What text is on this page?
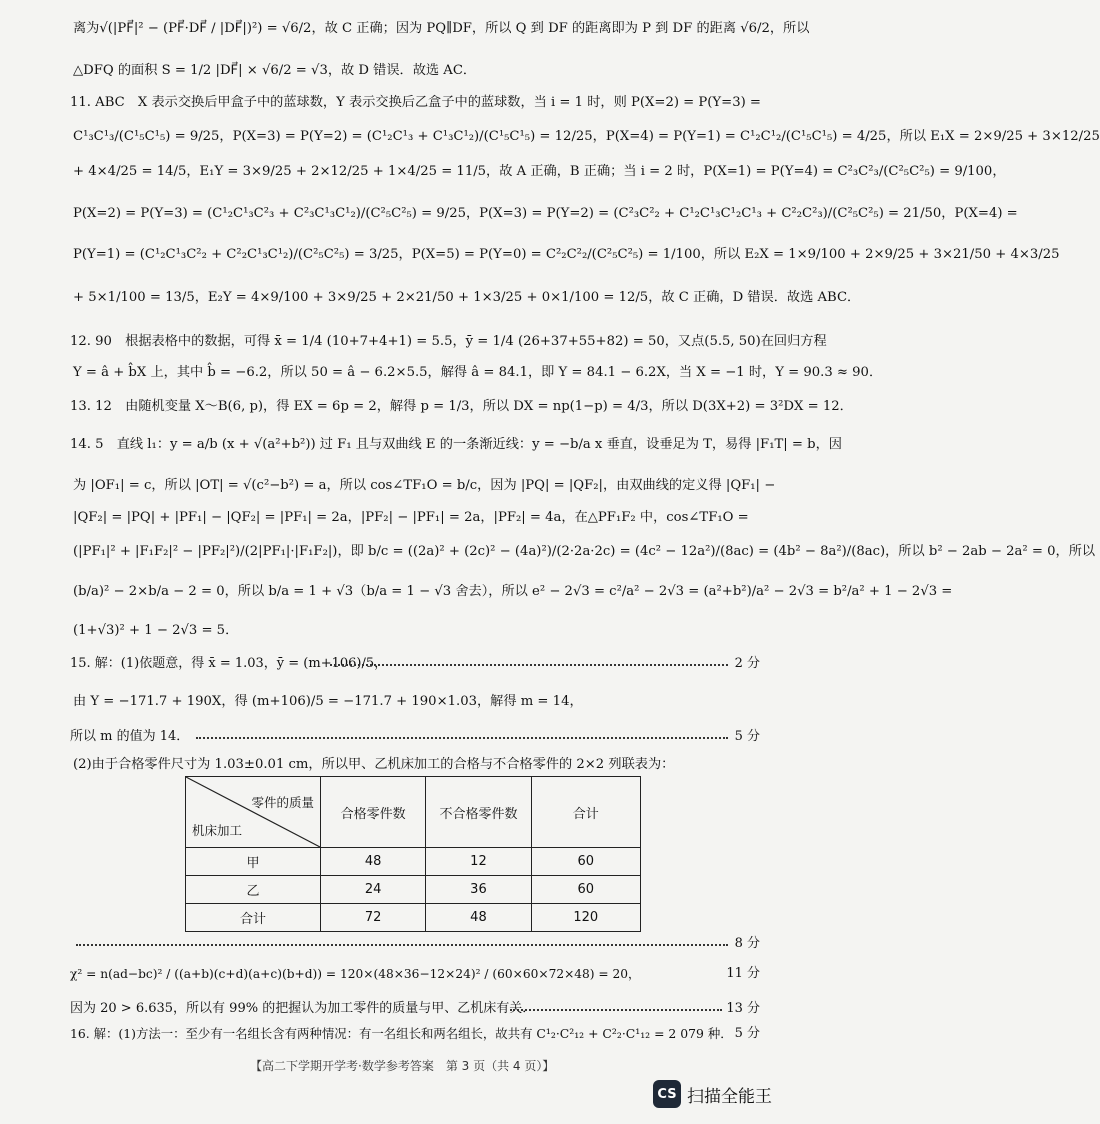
离为√(|PF⃗|² − (PF⃗·DF⃗ / |DF⃗|)²) = √6/2，故 C 正确；因为 PQ∥DF，所以 Q 到 DF 的距离即为 P 到 DF 的距离 √6/2，所以
△DFQ 的面积 S = 1/2 |DF⃗| × √6/2 = √3，故 D 错误．故选 AC．
11. ABC　X 表示交换后甲盒子中的蓝球数，Y 表示交换后乙盒子中的蓝球数，当 i = 1 时，则 P(X=2) = P(Y=3) =
C¹₃C¹₃/(C¹₅C¹₅) = 9/25，P(X=3) = P(Y=2) = (C¹₂C¹₃ + C¹₃C¹₂)/(C¹₅C¹₅) = 12/25，P(X=4) = P(Y=1) = C¹₂C¹₂/(C¹₅C¹₅) = 4/25，所以 E₁X = 2×9/25 + 3×12/25
+ 4×4/25 = 14/5，E₁Y = 3×9/25 + 2×12/25 + 1×4/25 = 11/5，故 A 正确，B 正确；当 i = 2 时，P(X=1) = P(Y=4) = C²₃C²₃/(C²₅C²₅) = 9/100，
P(X=2) = P(Y=3) = (C¹₂C¹₃C²₃ + C²₃C¹₃C¹₂)/(C²₅C²₅) = 9/25，P(X=3) = P(Y=2) = (C²₃C²₂ + C¹₂C¹₃C¹₂C¹₃ + C²₂C²₃)/(C²₅C²₅) = 21/50，P(X=4) =
P(Y=1) = (C¹₂C¹₃C²₂ + C²₂C¹₃C¹₂)/(C²₅C²₅) = 3/25，P(X=5) = P(Y=0) = C²₂C²₂/(C²₅C²₅) = 1/100，所以 E₂X = 1×9/100 + 2×9/25 + 3×21/50 + 4×3/25
+ 5×1/100 = 13/5，E₂Y = 4×9/100 + 3×9/25 + 2×21/50 + 1×3/25 + 0×1/100 = 12/5，故 C 正确，D 错误．故选 ABC．
12. 90　根据表格中的数据，可得 x̄ = 1/4 (10+7+4+1) = 5.5，ȳ = 1/4 (26+37+55+82) = 50，又点(5.5, 50)在回归方程
Y = â + b̂X 上，其中 b̂ = −6.2，所以 50 = â − 6.2×5.5，解得 â = 84.1，即 Y = 84.1 − 6.2X，当 X = −1 时，Y = 90.3 ≈ 90．
13. 12　由随机变量 X～B(6, p)，得 EX = 6p = 2，解得 p = 1/3，所以 DX = np(1−p) = 4/3，所以 D(3X+2) = 3²DX = 12．
14. 5　直线 l₁：y = a/b (x + √(a²+b²)) 过 F₁ 且与双曲线 E 的一条渐近线：y = −b/a x 垂直，设垂足为 T，易得 |F₁T| = b，因
为 |OF₁| = c，所以 |OT| = √(c²−b²) = a，所以 cos∠TF₁O = b/c，因为 |PQ| = |QF₂|，由双曲线的定义得 |QF₁| −
|QF₂| = |PQ| + |PF₁| − |QF₂| = |PF₁| = 2a，|PF₂| − |PF₁| = 2a，|PF₂| = 4a，在△PF₁F₂ 中，cos∠TF₁O =
(|PF₁|² + |F₁F₂|² − |PF₂|²)/(2|PF₁|·|F₁F₂|)，即 b/c = ((2a)² + (2c)² − (4a)²)/(2·2a·2c) = (4c² − 12a²)/(8ac) = (4b² − 8a²)/(8ac)，所以 b² − 2ab − 2a² = 0，所以
(b/a)² − 2×b/a − 2 = 0，所以 b/a = 1 + √3（b/a = 1 − √3 舍去），所以 e² − 2√3 = c²/a² − 2√3 = (a²+b²)/a² − 2√3 = b²/a² + 1 − 2√3 =
(1+√3)² + 1 − 2√3 = 5．
15. 解：(1)依题意，得 x̄ = 1.03，ȳ = (m+106)/5，	2 分
由 Y = −171.7 + 190X，得 (m+106)/5 = −171.7 + 190×1.03，解得 m = 14，
所以 m 的值为 14．	5 分
(2)由于合格零件尺寸为 1.03±0.01 cm，所以甲、乙机床加工的合格与不合格零件的 2×2 列联表为：
零件的质量
机床加工	合格零件数	不合格零件数	合计
甲	48	12	60
乙	24	36	60
合计	72	48	120
8 分
χ² = n(ad−bc)² / ((a+b)(c+d)(a+c)(b+d)) = 120×(48×36−12×24)² / (60×60×72×48) = 20，	11 分
因为 20 > 6.635，所以有 99% 的把握认为加工零件的质量与甲、乙机床有关．	13 分
16. 解：(1)方法一：至少有一名组长含有两种情况：有一名组长和两名组长，故共有 C¹₂·C²₁₂ + C²₂·C¹₁₂ = 2 079 种． 5 分
【高二下学期开学考·数学参考答案　第 3 页（共 4 页）】
CS 扫描全能王
